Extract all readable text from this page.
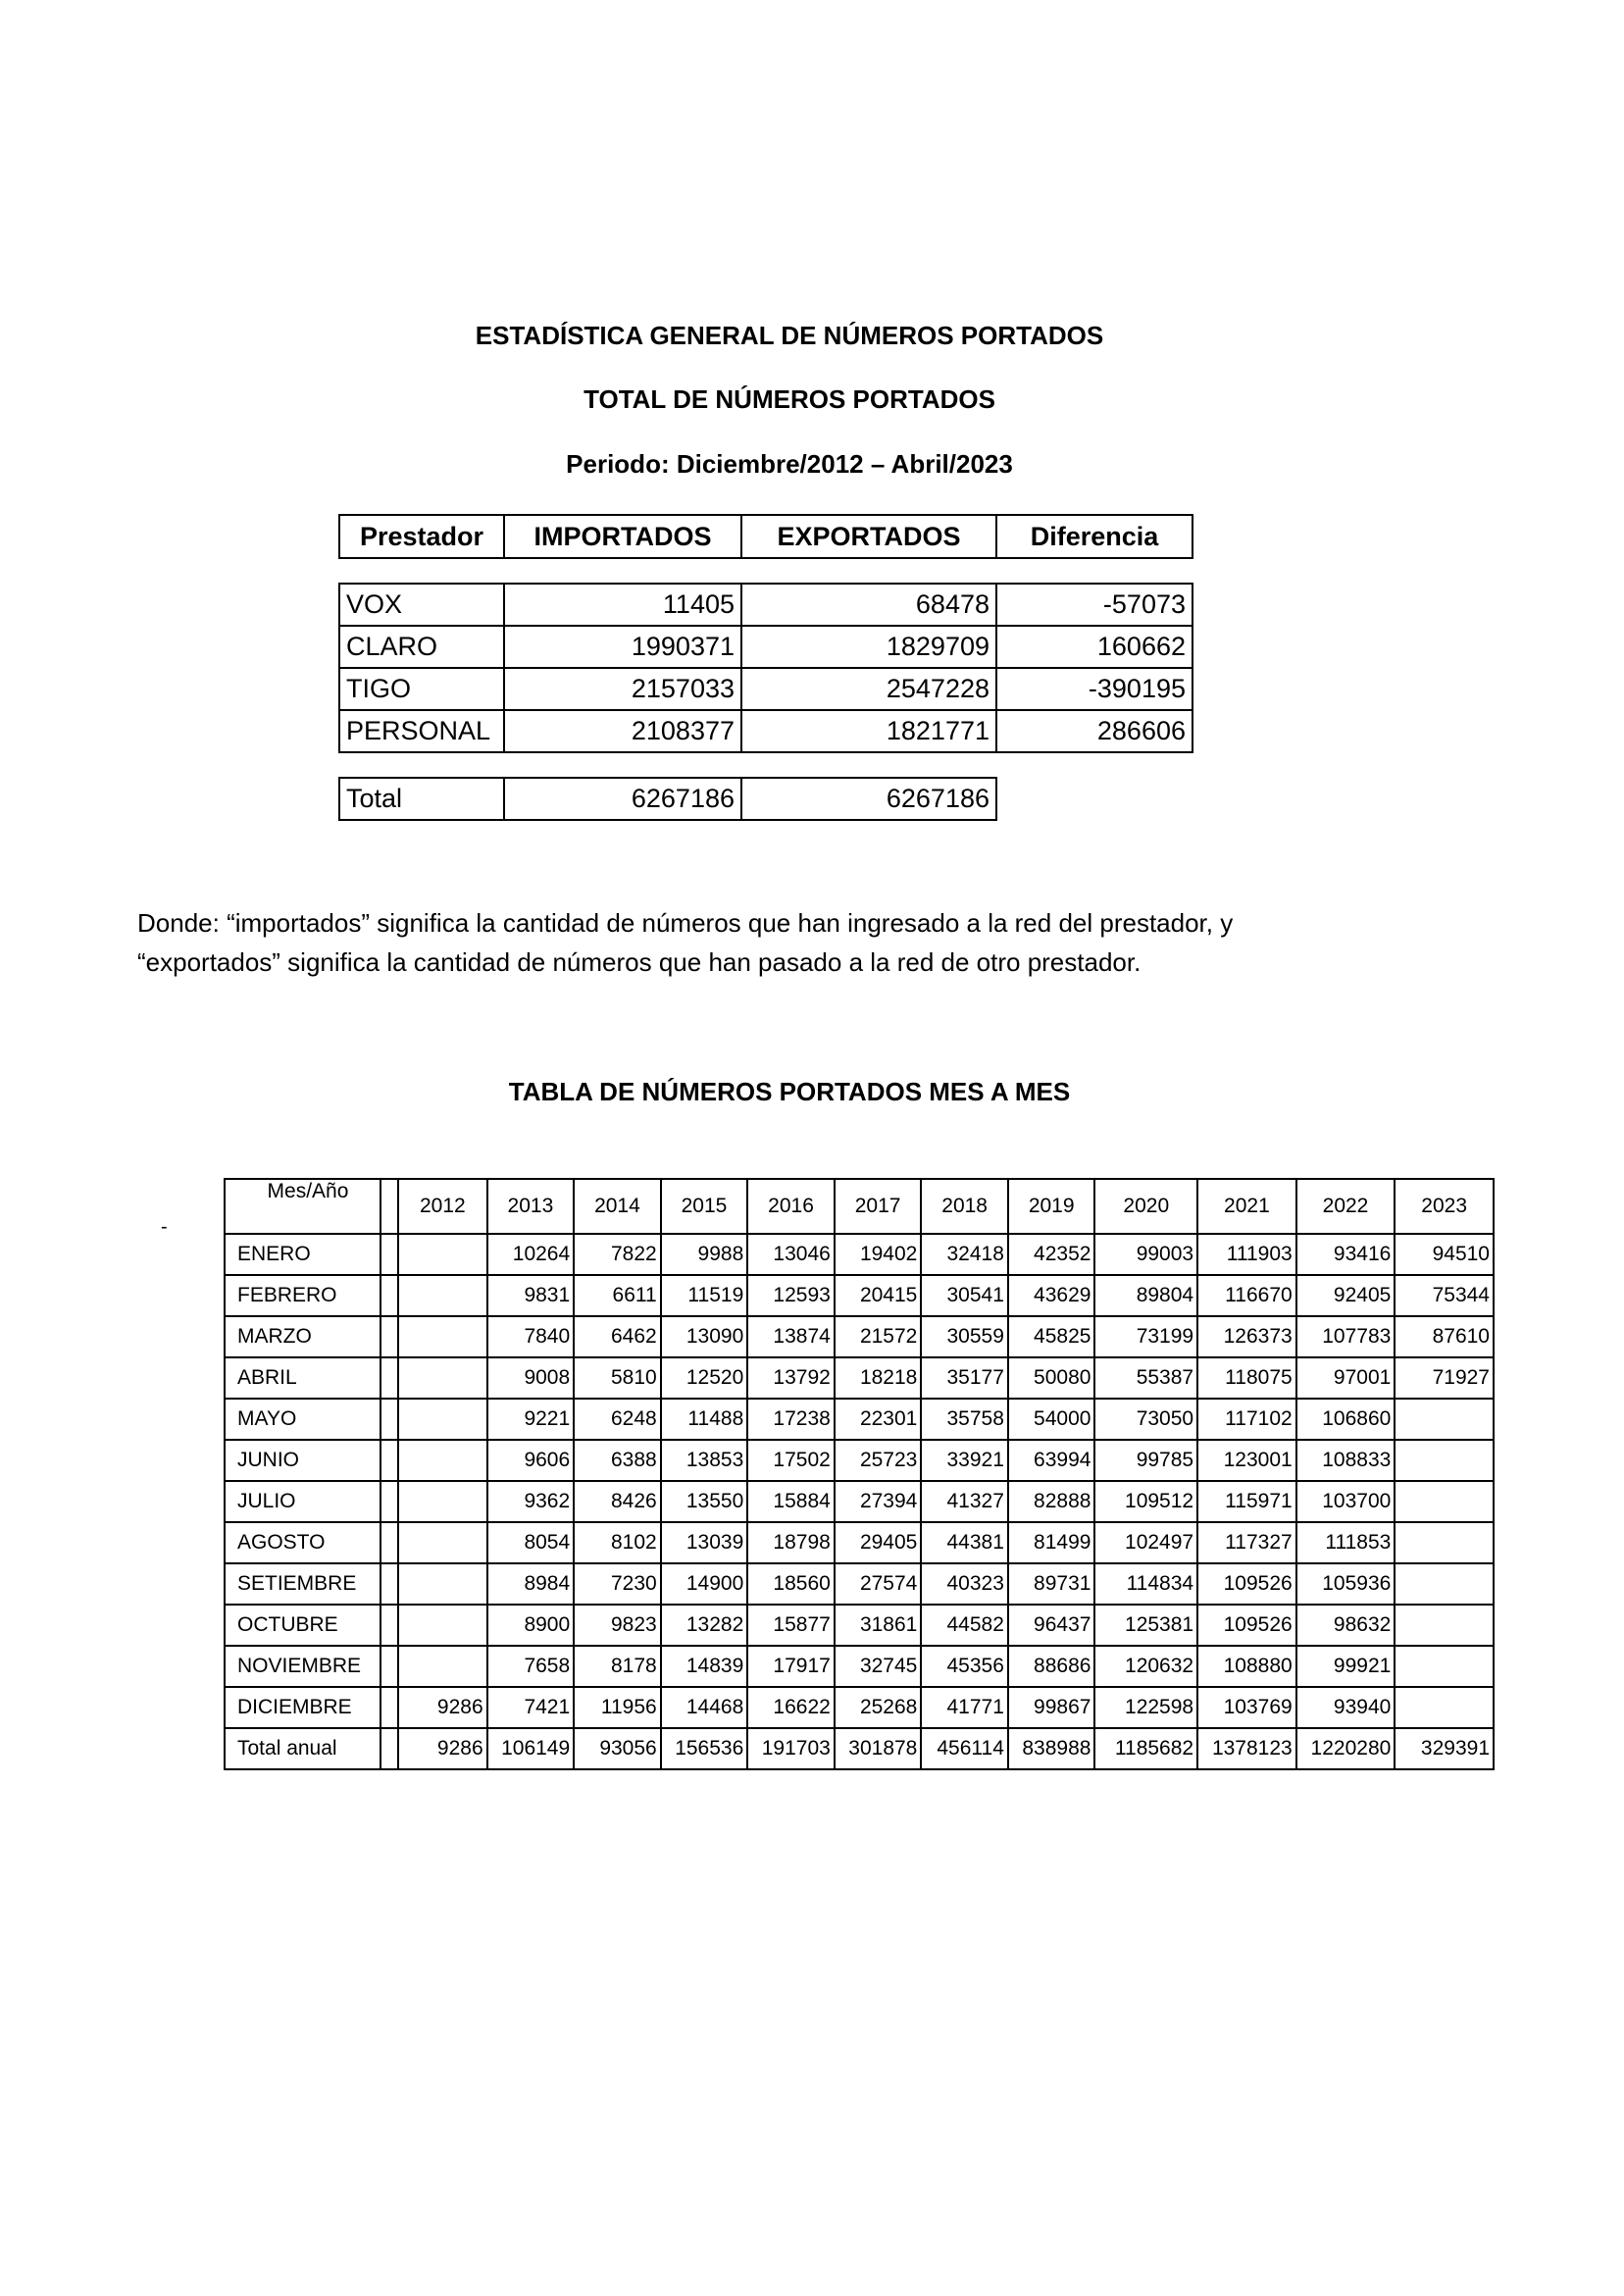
ESTADÍSTICA GENERAL DE NÚMEROS PORTADOS
TOTAL DE NÚMEROS PORTADOS
Periodo: Diciembre/2012 – Abril/2023
Prestador	IMPORTADOS	EXPORTADOS	Diferencia

VOX	11405	68478	-57073
CLARO	1990371	1829709	160662
TIGO	2157033	2547228	-390195
PERSONAL	2108377	1821771	286606

Total	6267186	6267186	
Donde: “importados” significa la cantidad de números que han ingresado a la red del prestador, y
“exportados” significa la cantidad de números que han pasado a la red de otro prestador.
TABLA DE NÚMEROS PORTADOS MES A MES
-
Mes/Año		2012	2013	2014	2015	2016	2017	2018	2019	2020	2021	2022	2023
ENERO			10264	7822	9988	13046	19402	32418	42352	99003	111903	93416	94510
FEBRERO			9831	6611	11519	12593	20415	30541	43629	89804	116670	92405	75344
MARZO			7840	6462	13090	13874	21572	30559	45825	73199	126373	107783	87610
ABRIL			9008	5810	12520	13792	18218	35177	50080	55387	118075	97001	71927
MAYO			9221	6248	11488	17238	22301	35758	54000	73050	117102	106860	
JUNIO			9606	6388	13853	17502	25723	33921	63994	99785	123001	108833	
JULIO			9362	8426	13550	15884	27394	41327	82888	109512	115971	103700	
AGOSTO			8054	8102	13039	18798	29405	44381	81499	102497	117327	111853	
SETIEMBRE			8984	7230	14900	18560	27574	40323	89731	114834	109526	105936	
OCTUBRE			8900	9823	13282	15877	31861	44582	96437	125381	109526	98632	
NOVIEMBRE			7658	8178	14839	17917	32745	45356	88686	120632	108880	99921	
DICIEMBRE		9286	7421	11956	14468	16622	25268	41771	99867	122598	103769	93940	
Total anual		9286	106149	93056	156536	191703	301878	456114	838988	1185682	1378123	1220280	329391
